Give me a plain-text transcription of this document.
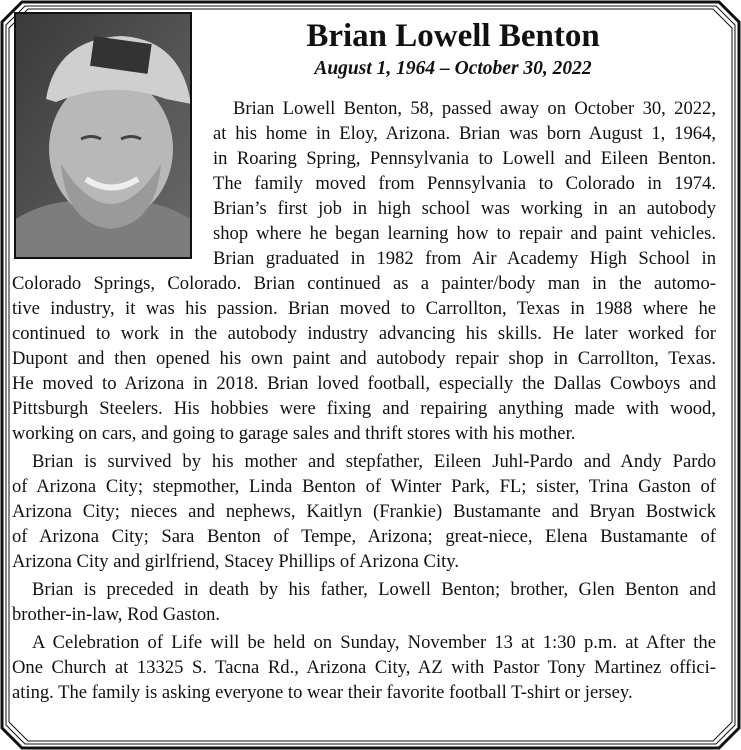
Brian Lowell Benton
August 1, 1964 – October 30, 2022
Brian Lowell Benton, 58, passed away on October 30, 2022,
at his home in Eloy, Arizona. Brian was born August 1, 1964,
in Roaring Spring, Pennsylvania to Lowell and Eileen Benton.
The family moved from Pennsylvania to Colorado in 1974.
Brian’s first job in high school was working in an autobody
shop where he began learning how to repair and paint vehicles.
Brian graduated in 1982 from Air Academy High School in
Colorado Springs, Colorado. Brian continued as a painter/body man in the automo-
tive industry, it was his passion. Brian moved to Carrollton, Texas in 1988 where he
continued to work in the autobody industry advancing his skills. He later worked for
Dupont and then opened his own paint and autobody repair shop in Carrollton, Texas.
He moved to Arizona in 2018. Brian loved football, especially the Dallas Cowboys and
Pittsburgh Steelers. His hobbies were fixing and repairing anything made with wood,
working on cars, and going to garage sales and thrift stores with his mother.
Brian is survived by his mother and stepfather, Eileen Juhl-Pardo and Andy Pardo
of Arizona City; stepmother, Linda Benton of Winter Park, FL; sister, Trina Gaston of
Arizona City; nieces and nephews, Kaitlyn (Frankie) Bustamante and Bryan Bostwick
of Arizona City; Sara Benton of Tempe, Arizona; great-niece, Elena Bustamante of
Arizona City and girlfriend, Stacey Phillips of Arizona City.
Brian is preceded in death by his father, Lowell Benton; brother, Glen Benton and
brother-in-law, Rod Gaston.
A Celebration of Life will be held on Sunday, November 13 at 1:30 p.m. at After the
One Church at 13325 S. Tacna Rd., Arizona City, AZ with Pastor Tony Martinez offici-
ating. The family is asking everyone to wear their favorite football T-shirt or jersey.
